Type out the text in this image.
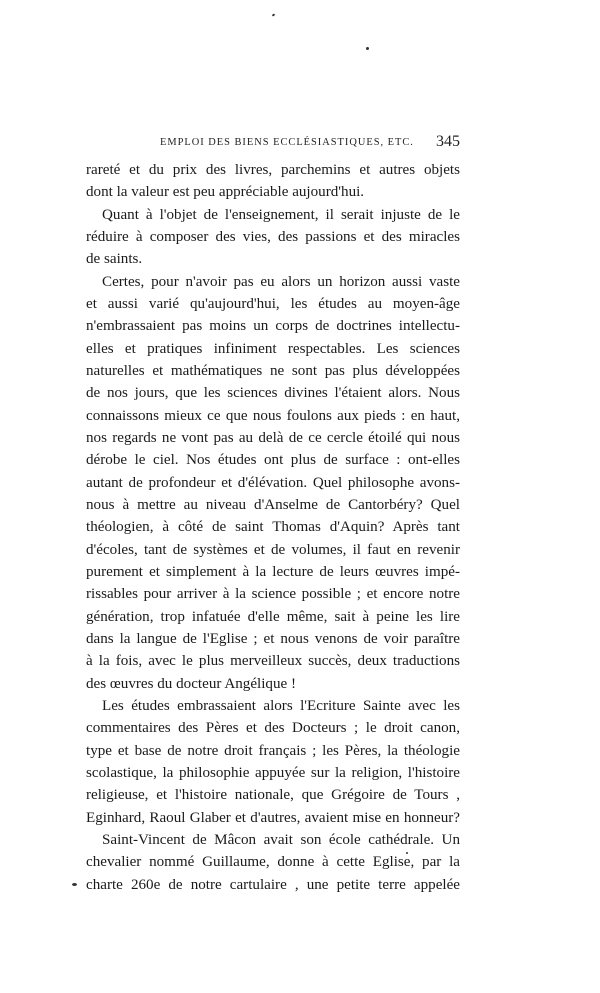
EMPLOI DES BIENS ECCLÉSIASTIQUES, ETC. 345
rareté et du prix des livres, parchemins et autres objets
dont la valeur est peu appréciable aujourd'hui.
Quant à l'objet de l'enseignement, il serait injuste de le
réduire à composer des vies, des passions et des miracles
de saints.
Certes, pour n'avoir pas eu alors un horizon aussi vaste
et aussi varié qu'aujourd'hui, les études au moyen-âge
n'embrassaient pas moins un corps de doctrines intellectu-
elles et pratiques infiniment respectables. Les sciences
naturelles et mathématiques ne sont pas plus développées
de nos jours, que les sciences divines l'étaient alors. Nous
connaissons mieux ce que nous foulons aux pieds : en haut,
nos regards ne vont pas au delà de ce cercle étoilé qui nous
dérobe le ciel. Nos études ont plus de surface : ont-elles
autant de profondeur et d'élévation. Quel philosophe avons-
nous à mettre au niveau d'Anselme de Cantorbéry? Quel
théologien, à côté de saint Thomas d'Aquin? Après tant
d'écoles, tant de systèmes et de volumes, il faut en revenir
purement et simplement à la lecture de leurs œuvres impé-
rissables pour arriver à la science possible ; et encore notre
génération, trop infatuée d'elle même, sait à peine les lire
dans la langue de l'Eglise ; et nous venons de voir paraître
à la fois, avec le plus merveilleux succès, deux traductions
des œuvres du docteur Angélique !
Les études embrassaient alors l'Ecriture Sainte avec les
commentaires des Pères et des Docteurs ; le droit canon,
type et base de notre droit français ; les Pères, la théologie
scolastique, la philosophie appuyée sur la religion, l'histoire
religieuse, et l'histoire nationale, que Grégoire de Tours ,
Eginhard, Raoul Glaber et d'autres, avaient mise en honneur?
Saint-Vincent de Mâcon avait son école cathédrale. Un
chevalier nommé Guillaume, donne à cette Eglise, par la
charte 260e de notre cartulaire , une petite terre appelée
